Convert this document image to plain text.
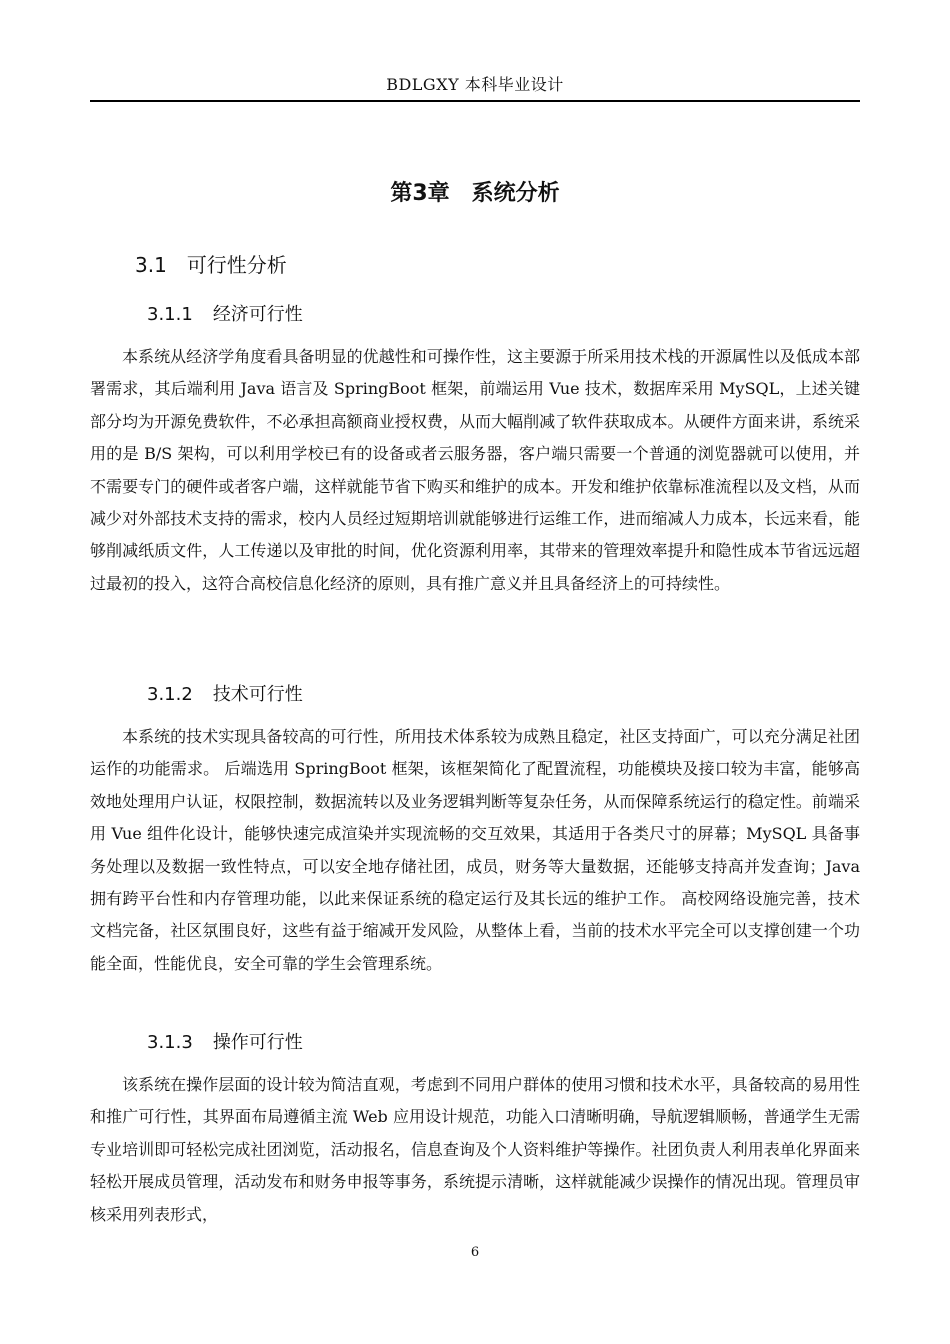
BDLGXY 本科毕业设计
第3章 系统分析
3.1 可行性分析
3.1.1 经济可行性

本系统从经济学角度看具备明显的优越性和可操作性，这主要源于所采用技术栈的开源属性以及低成本部署需求，其后端利用 Java 语言及 SpringBoot 框架，前端运用 Vue 技术，数据库采用 MySQL，上述关键部分均为开源免费软件，不必承担高额商业授权费，从而大幅削减了软件获取成本。从硬件方面来讲，系统采用的是 B/S 架构，可以利用学校已有的设备或者云服务器，客户端只需要一个普通的浏览器就可以使用，并不需要专门的硬件或者客户端，这样就能节省下购买和维护的成本。开发和维护依靠标准流程以及文档，从而减少对外部技术支持的需求，校内人员经过短期培训就能够进行运维工作，进而缩减人力成本，长远来看，能够削减纸质文件，人工传递以及审批的时间，优化资源利用率，其带来的管理效率提升和隐性成本节省远远超过最初的投入，这符合高校信息化经济的原则，具有推广意义并且具备经济上的可持续性。

3.1.2 技术可行性

本系统的技术实现具备较高的可行性，所用技术体系较为成熟且稳定，社区支持面广，可以充分满足社团运作的功能需求。 后端选用 SpringBoot 框架，该框架简化了配置流程，功能模块及接口较为丰富，能够高效地处理用户认证，权限控制，数据流转以及业务逻辑判断等复杂任务，从而保障系统运行的稳定性。前端采用 Vue 组件化设计，能够快速完成渲染并实现流畅的交互效果，其适用于各类尺寸的屏幕；MySQL 具备事务处理以及数据一致性特点，可以安全地存储社团，成员，财务等大量数据，还能够支持高并发查询；Java 拥有跨平台性和内存管理功能，以此来保证系统的稳定运行及其长远的维护工作。 高校网络设施完善，技术文档完备，社区氛围良好，这些有益于缩减开发风险，从整体上看，当前的技术水平完全可以支撑创建一个功能全面，性能优良，安全可靠的学生会管理系统。

3.1.3 操作可行性

该系统在操作层面的设计较为简洁直观，考虑到不同用户群体的使用习惯和技术水平，具备较高的易用性和推广可行性，其界面布局遵循主流 Web 应用设计规范，功能入口清晰明确，导航逻辑顺畅，普通学生无需专业培训即可轻松完成社团浏览，活动报名，信息查询及个人资料维护等操作。社团负责人利用表单化界面来轻松开展成员管理，活动发布和财务申报等事务，系统提示清晰，这样就能减少误操作的情况出现。管理员审核采用列表形式，

6
